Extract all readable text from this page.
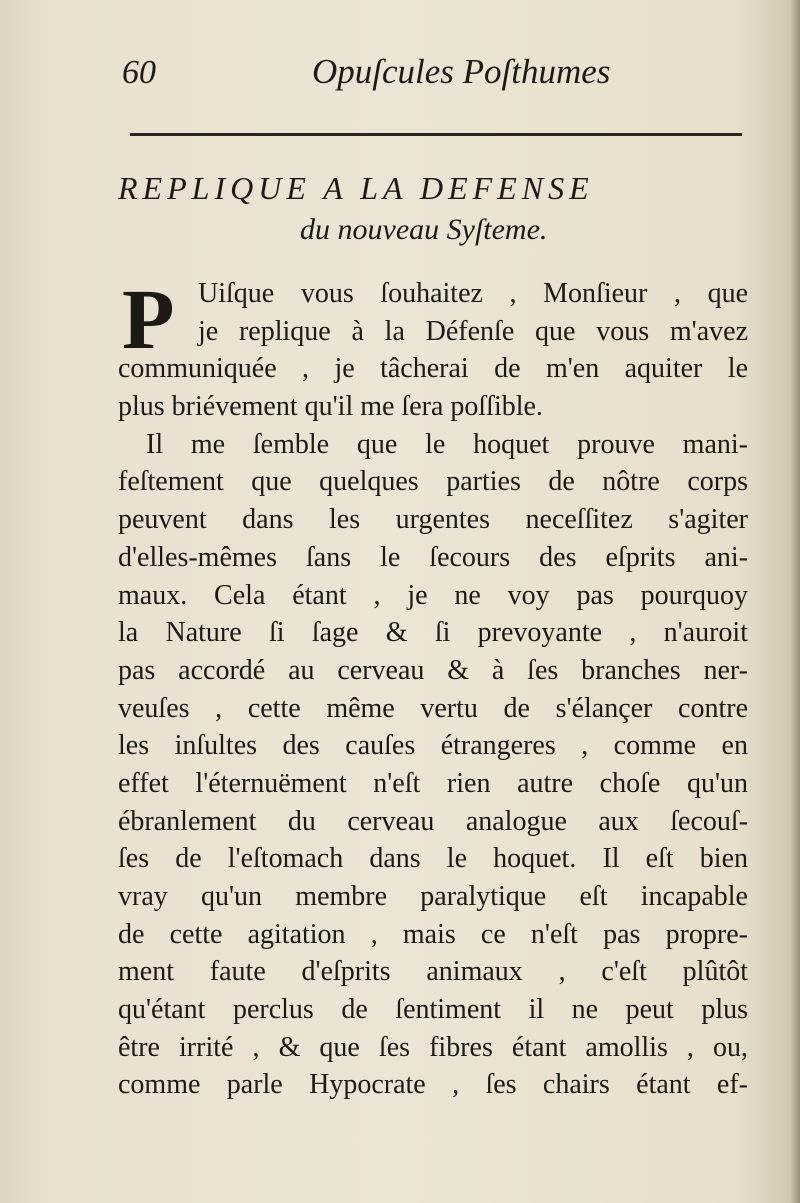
60	Opuſcules Poſthumes
REPLIQUE A LA DEFENSE
du nouveau Syſteme.
P Uiſque vous ſouhaitez , Monſieur , que
je replique à la Défenſe que vous m'avez
communiquée , je tâcherai de m'en aquiter le
plus briévement qu'il me ſera poſſible.
Il me ſemble que le hoquet prouve mani-
feſtement que quelques parties de nôtre corps
peuvent dans les urgentes neceſſitez s'agiter
d'elles-mêmes ſans le ſecours des eſprits ani-
maux. Cela étant , je ne voy pas pourquoy
la Nature ſi ſage & ſi prevoyante , n'auroit
pas accordé au cerveau & à ſes branches ner-
veuſes , cette même vertu de s'élançer contre
les inſultes des cauſes étrangeres , comme en
effet l'éternuëment n'eſt rien autre choſe qu'un
ébranlement du cerveau analogue aux ſecouſ-
ſes de l'eſtomach dans le hoquet. Il eſt bien
vray qu'un membre paralytique eſt incapable
de cette agitation , mais ce n'eſt pas propre-
ment faute d'eſprits animaux , c'eſt plûtôt
qu'étant perclus de ſentiment il ne peut plus
être irrité , & que ſes fibres étant amollis , ou,
comme parle Hypocrate , ſes chairs étant ef-
